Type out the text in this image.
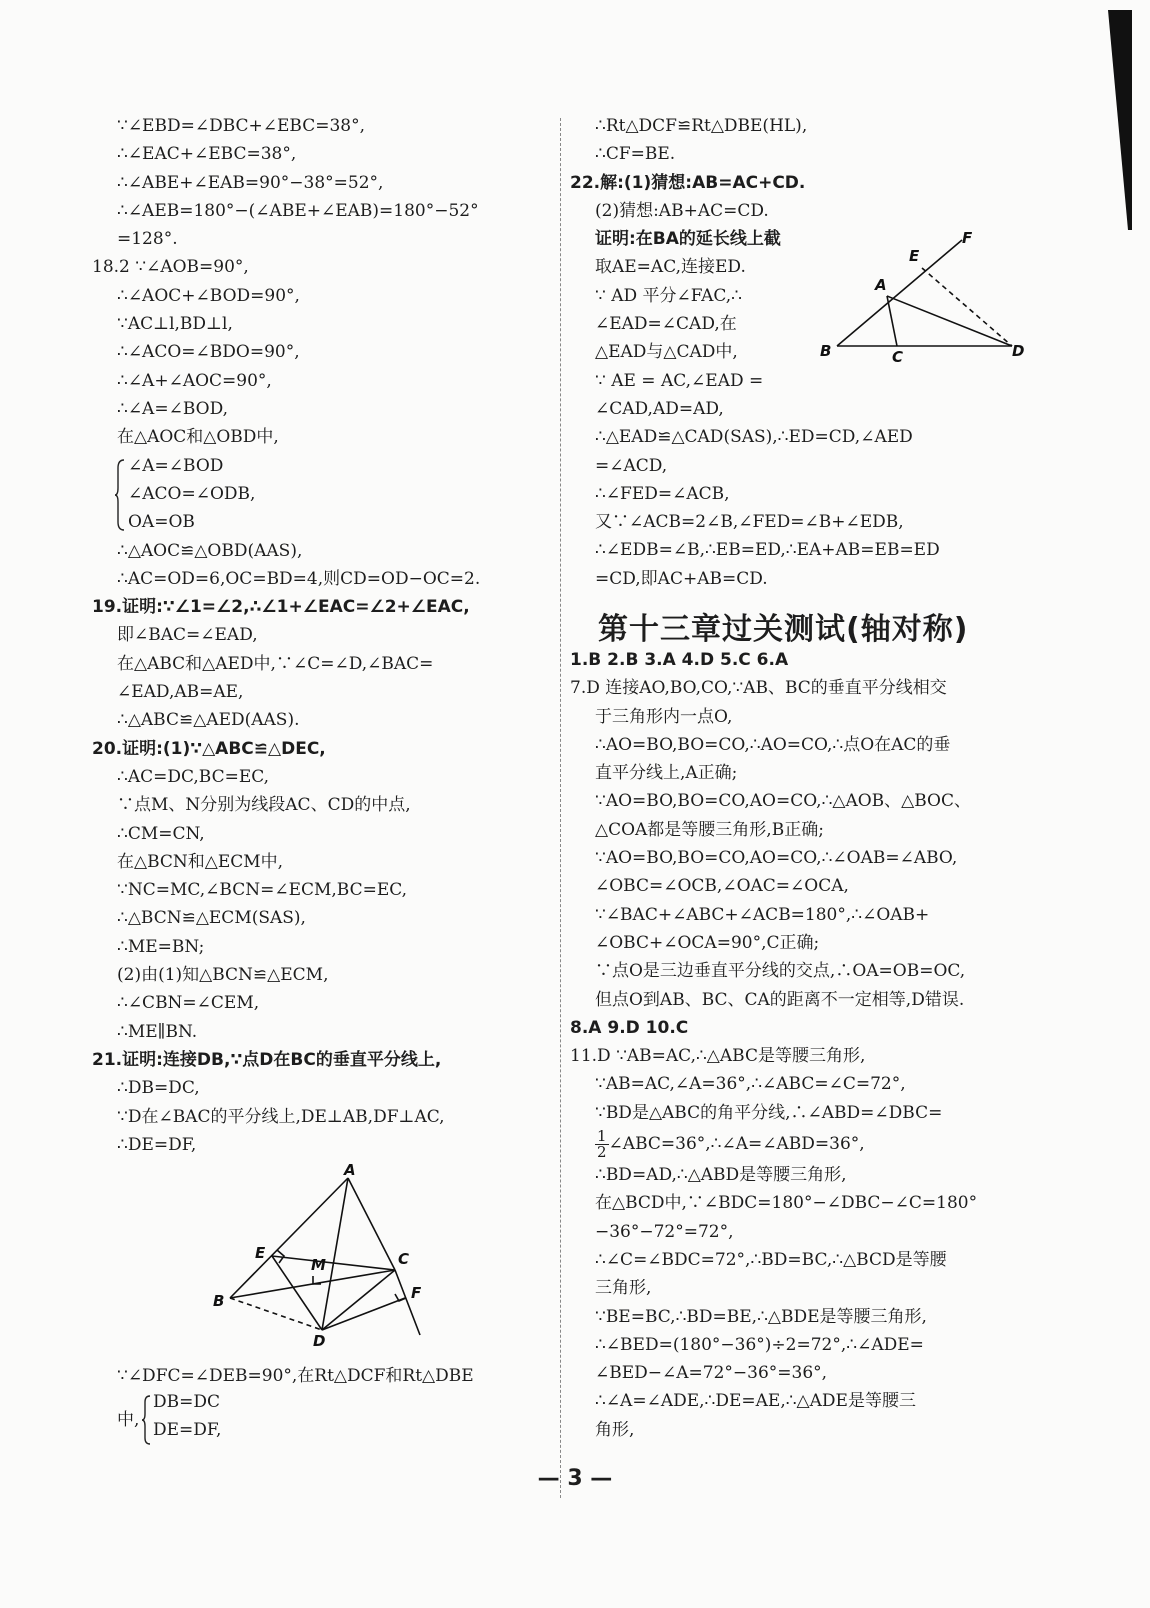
∵∠EBD=∠DBC+∠EBC=38°,
∴∠EAC+∠EBC=38°,
∴∠ABE+∠EAB=90°−38°=52°,
∴∠AEB=180°−(∠ABE+∠EAB)=180°−52°
=128°.
18.2 ∵∠AOB=90°,
∴∠AOC+∠BOD=90°,
∵AC⊥l,BD⊥l,
∴∠ACO=∠BDO=90°,
∴∠A+∠AOC=90°,
∴∠A=∠BOD,
在△AOC和△OBD中,
∠A=∠BOD
∠ACO=∠ODB,
OA=OB
∴△AOC≌△OBD(AAS),
∴AC=OD=6,OC=BD=4,则CD=OD−OC=2.
19.证明:∵∠1=∠2,∴∠1+∠EAC=∠2+∠EAC,
即∠BAC=∠EAD,
在△ABC和△AED中,∵∠C=∠D,∠BAC=
∠EAD,AB=AE,
∴△ABC≌△AED(AAS).
20.证明:(1)∵△ABC≌△DEC,
∴AC=DC,BC=EC,
∵点M、N分别为线段AC、CD的中点,
∴CM=CN,
在△BCN和△ECM中,
∵NC=MC,∠BCN=∠ECM,BC=EC,
∴△BCN≌△ECM(SAS),
∴ME=BN;
(2)由(1)知△BCN≌△ECM,
∴∠CBN=∠CEM,
∴ME∥BN.
21.证明:连接DB,∵点D在BC的垂直平分线上,
∴DB=DC,
∵D在∠BAC的平分线上,DE⊥AB,DF⊥AC,
∴DE=DF,
A
E
M	C
B	F
D
∵∠DFC=∠DEB=90°,在Rt△DCF和Rt△DBE
中,
DB=DC
DE=DF,
∴Rt△DCF≌Rt△DBE(HL),
∴CF=BE.
22.解:(1)猜想:AB=AC+CD.
(2)猜想:AB+AC=CD.
证明:在BA的延长线上截
取AE=AC,连接ED.
∵ AD 平分∠FAC,∴
∠EAD=∠CAD,在
△EAD与△CAD中,
∵ AE = AC,∠EAD =
∠CAD,AD=AD,
∴△EAD≌△CAD(SAS),∴ED=CD,∠AED
=∠ACD,
∴∠FED=∠ACB,
又∵∠ACB=2∠B,∠FED=∠B+∠EDB,
∴∠EDB=∠B,∴EB=ED,∴EA+AB=EB=ED
=CD,即AC+AB=CD.
F
E
A
B	C	D
第十三章过关测试(轴对称)
1.B 2.B 3.A 4.D 5.C 6.A
7.D 连接AO,BO,CO,∵AB、BC的垂直平分线相交
于三角形内一点O,
∴AO=BO,BO=CO,∴AO=CO,∴点O在AC的垂
直平分线上,A正确;
∵AO=BO,BO=CO,AO=CO,∴△AOB、△BOC、
△COA都是等腰三角形,B正确;
∵AO=BO,BO=CO,AO=CO,∴∠OAB=∠ABO,
∠OBC=∠OCB,∠OAC=∠OCA,
∵∠BAC+∠ABC+∠ACB=180°,∴∠OAB+
∠OBC+∠OCA=90°,C正确;
∵点O是三边垂直平分线的交点,∴OA=OB=OC,
但点O到AB、BC、CA的距离不一定相等,D错误.
8.A 9.D 10.C
11.D ∵AB=AC,∴△ABC是等腰三角形,
∵AB=AC,∠A=36°,∴∠ABC=∠C=72°,
∵BD是△ABC的角平分线,∴∠ABD=∠DBC=
$\frac{1}{2}$ ∠ABC=36°,∴∠A=∠ABD=36°,
∴BD=AD,∴△ABD是等腰三角形,
在△BCD中,∵∠BDC=180°−∠DBC−∠C=180°
−36°−72°=72°,
∴∠C=∠BDC=72°,∴BD=BC,∴△BCD是等腰
三角形,
∵BE=BC,∴BD=BE,∴△BDE是等腰三角形,
∴∠BED=(180°−36°)÷2=72°,∴∠ADE=
∠BED−∠A=72°−36°=36°,
∴∠A=∠ADE,∴DE=AE,∴△ADE是等腰三
角形,
— 3 —
